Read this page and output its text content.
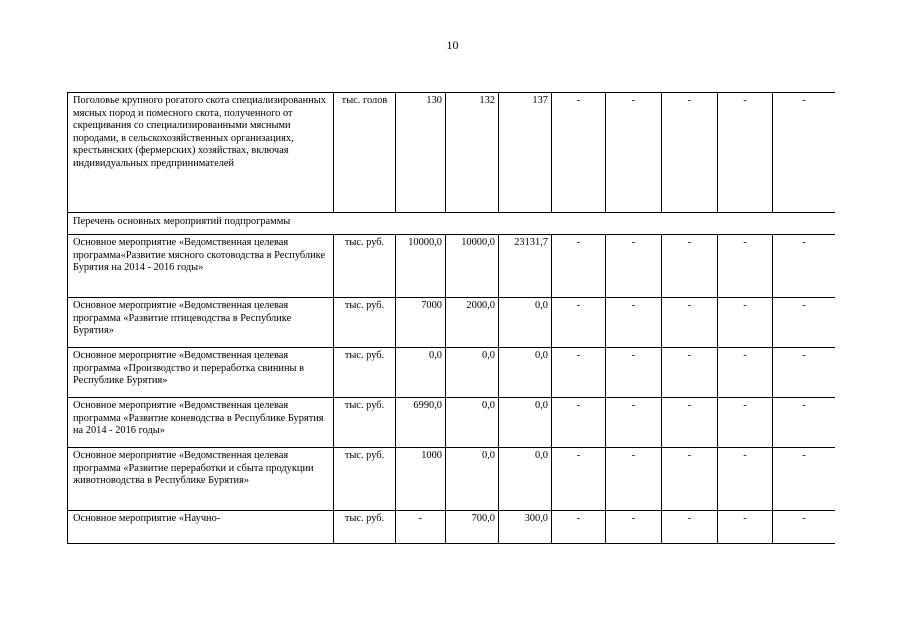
10
Поголовье крупного рогатого скота специализированных мясных пород и помесного скота, полученного от скрещивания со специализированными мясными породами, в сельскохозяйственных организациях, крестьянских (фермерских) хозяйствах, включая индивидуальных предпринимателей	тыс. голов	130	132	137	-	-	-	-	-
Перечень основных мероприятий подпрограммы									
Основное мероприятие «Ведомственная целевая программа«Развитие мясного скотоводства в Республике Бурятия на 2014 - 2016 годы»	тыс. руб.	10000,0	10000,0	23131,7	-	-	-	-	-
Основное мероприятие «Ведомственная целевая программа «Развитие птицеводства в Республике Бурятия»	тыс. руб.	7000	2000,0	0,0	-	-	-	-	-
Основное мероприятие «Ведомственная целевая программа «Производство и переработка свинины в Республике Бурятия»	тыс. руб.	0,0	0,0	0,0	-	-	-	-	-
Основное мероприятие «Ведомственная целевая программа «Развитие коневодства в Республике Бурятия на 2014 - 2016 годы»	тыс. руб.	6990,0	0,0	0,0	-	-	-	-	-
Основное мероприятие «Ведомственная целевая программа «Развитие переработки и сбыта продукции животноводства в Республике Бурятия»	тыс. руб.	1000	0,0	0,0	-	-	-	-	-
Основное мероприятие «Научно-	тыс. руб.	-	700,0	300,0	-	-	-	-	-
